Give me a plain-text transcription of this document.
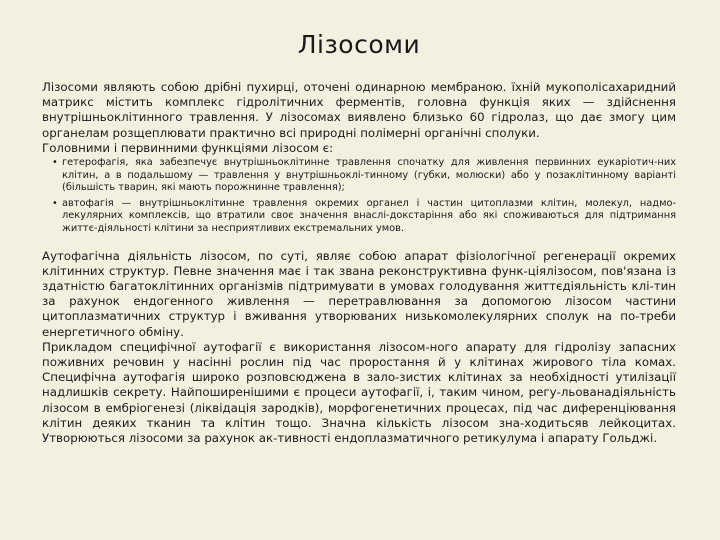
Лізосоми

Лізосоми являють собою дрібні пухирці, оточені одинарною мембраною. їхній мукополісахаридний матрикс містить комплекс гідролітичних ферментів, головна функція яких — здійснення внутрішньоклітинного травлення. У лізосомах виявлено близько 60 гідролаз, що дає змогу цим органелам розщеплювати практично всі природні полімерні органічні сполуки.

Головними і первинними функціями лізосом є:

• гетерофагія, яка забезпечує внутрішньоклітинне травлення спочатку для живлення первинних еукаріотич-них клітин, а в подальшому — травлення у внутрішньоклі-тинному (губки, молюски) або у позаклітинному варіанті (більшість тварин, які мають порожнинне травлення);
• автофагія — внутрішньоклітинне травлення окремих органел і частин цитоплазми клітин, молекул, надмо-лекулярних комплексів, що втратили своє значення внаслі-докстаріння або які споживаються для підтримання життє-діяльності клітини за несприятливих екстремальних умов.

Аутофагічна діяльність лізосом, по суті, являє собою апарат фізіологічної регенерації окремих клітинних структур. Певне значення має і так звана реконструктивна функ-ціялізосом, пов'язана із здатністю багатоклітинних організмів підтримувати в умовах голодування життєдіяльність клі-тин за рахунок ендогенного живлення — перетравлювання за допомогою лізосом частини цитоплазматичних структур і вживання утворюваних низькомолекулярних сполук на по-треби енергетичного обміну.

Прикладом специфічної аутофагії є використання лізосом-ного апарату для гідролізу запасних поживних речовин у насінні рослин під час проростання й у клітинах жирового тіла комах. Специфічна аутофагія широко розповсюджена в зало-зистих клітинах за необхідності утилізації надлишків секрету. Найпоширенішими є процеси аутофагії, і, таким чином, регу-льованадіяльність лізосом в ембріогенезі (ліквідація зародків), морфогенетичних процесах, під час диференціювання клітин деяких тканин та клітин тощо. Значна кількість лізосом зна-ходитьсяв лейкоцитах. Утворюються лізосоми за рахунок ак-тивності ендоплазматичного ретикулума і апарату Гольджі.
